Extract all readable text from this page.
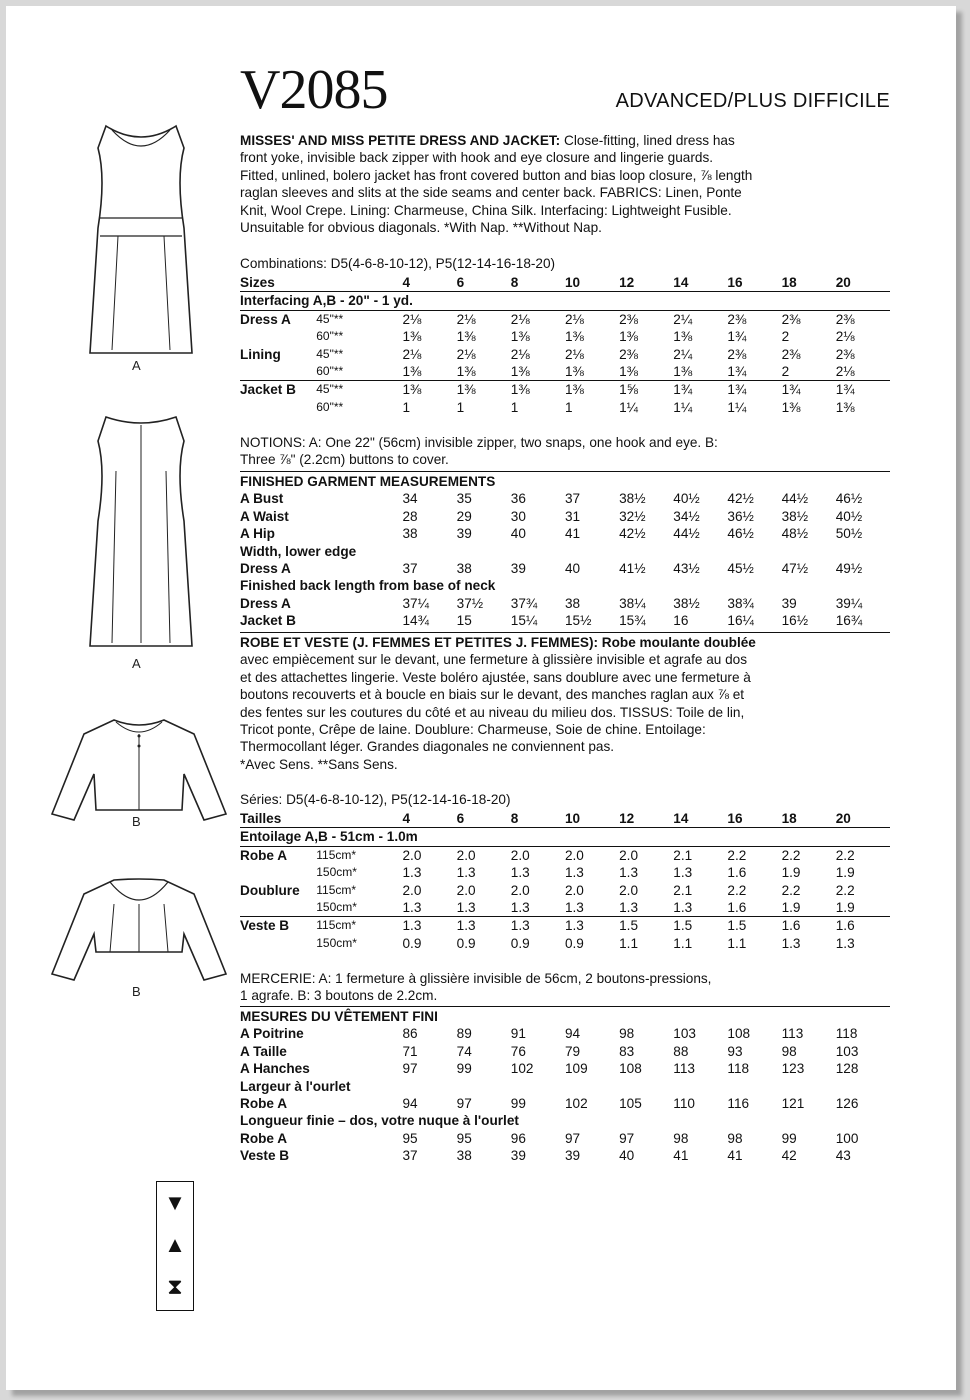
A
A
B
B
▼
▲
⧗
V2085	ADVANCED/PLUS DIFFICILE
MISSES' AND MISS PETITE DRESS AND JACKET: Close-fitting, lined dress has
front yoke, invisible back zipper with hook and eye closure and lingerie guards.
Fitted, unlined, bolero jacket has front covered button and bias loop closure, ⅞ length
raglan sleeves and slits at the side seams and center back. FABRICS: Linen, Ponte
Knit, Wool Crepe. Lining: Charmeuse, China Silk. Interfacing: Lightweight Fusible.
Unsuitable for obvious diagonals. *With Nap. **Without Nap.
Combinations: D5(4-6-8-10-12), P5(12-14-16-18-20)
Sizes		4	6	8	10	12	14	16	18	20
Interfacing A,B - 20" - 1 yd.										
Dress A	45"**	2⅛	2⅛	2⅛	2⅛	2⅜	2¼	2⅜	2⅜	2⅜
	60"**	1⅜	1⅜	1⅜	1⅜	1⅜	1⅜	1¾	2	2⅛
Lining	45"**	2⅛	2⅛	2⅛	2⅛	2⅜	2¼	2⅜	2⅜	2⅜
	60"**	1⅜	1⅜	1⅜	1⅜	1⅜	1⅜	1¾	2	2⅛
Jacket B	45"**	1⅜	1⅜	1⅜	1⅜	1⅝	1¾	1¾	1¾	1¾
	60"**	1	1	1	1	1¼	1¼	1¼	1⅜	1⅜
NOTIONS: A: One 22" (56cm) invisible zipper, two snaps, one hook and eye. B:
Three ⅞" (2.2cm) buttons to cover.
FINISHED GARMENT MEASUREMENTS										
A Bust		34	35	36	37	38½	40½	42½	44½	46½
A Waist		28	29	30	31	32½	34½	36½	38½	40½
A Hip		38	39	40	41	42½	44½	46½	48½	50½
Width, lower edge										
Dress A		37	38	39	40	41½	43½	45½	47½	49½
Finished back length from base of neck										
Dress A		37¼	37½	37¾	38	38¼	38½	38¾	39	39¼
Jacket B		14¾	15	15¼	15½	15¾	16	16¼	16½	16¾
ROBE ET VESTE (J. FEMMES ET PETITES J. FEMMES): Robe moulante doublée
avec empiècement sur le devant, une fermeture à glissière invisible et agrafe au dos
et des attachettes lingerie. Veste boléro ajustée, sans doublure avec une fermeture à
boutons recouverts et à boucle en biais sur le devant, des manches raglan aux ⅞ et
des fentes sur les coutures du côté et au niveau du milieu dos. TISSUS: Toile de lin,
Tricot ponte, Crêpe de laine. Doublure: Charmeuse, Soie de chine. Entoilage:
Thermocollant léger. Grandes diagonales ne conviennent pas.
*Avec Sens. **Sans Sens.
Séries: D5(4-6-8-10-12), P5(12-14-16-18-20)
Tailles		4	6	8	10	12	14	16	18	20
Entoilage A,B - 51cm - 1.0m										
Robe A	115cm*	2.0	2.0	2.0	2.0	2.0	2.1	2.2	2.2	2.2
	150cm*	1.3	1.3	1.3	1.3	1.3	1.3	1.6	1.9	1.9
Doublure	115cm*	2.0	2.0	2.0	2.0	2.0	2.1	2.2	2.2	2.2
	150cm*	1.3	1.3	1.3	1.3	1.3	1.3	1.6	1.9	1.9
Veste B	115cm*	1.3	1.3	1.3	1.3	1.5	1.5	1.5	1.6	1.6
	150cm*	0.9	0.9	0.9	0.9	1.1	1.1	1.1	1.3	1.3
MERCERIE: A: 1 fermeture à glissière invisible de 56cm, 2 boutons-pressions,
1 agrafe. B: 3 boutons de 2.2cm.
MESURES DU VÊTEMENT FINI										
A Poitrine		86	89	91	94	98	103	108	113	118
A Taille		71	74	76	79	83	88	93	98	103
A Hanches		97	99	102	109	108	113	118	123	128
Largeur à l'ourlet										
Robe A		94	97	99	102	105	110	116	121	126
Longueur finie – dos, votre nuque à l'ourlet										
Robe A		95	95	96	97	97	98	98	99	100
Veste B		37	38	39	39	40	41	41	42	43
